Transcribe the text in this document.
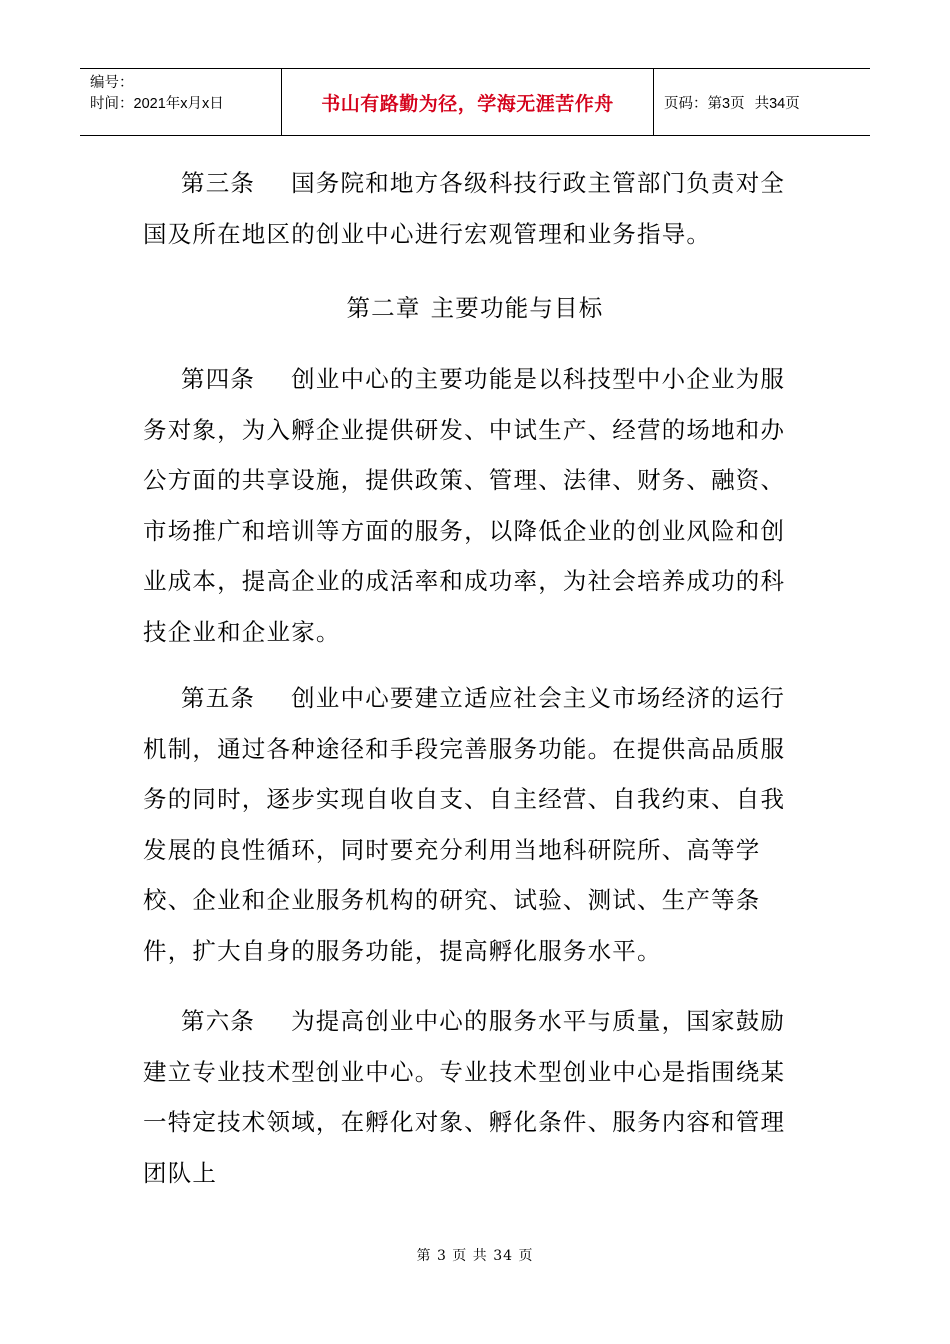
编号：
时间：2021年x月x日	书山有路勤为径，学海无涯苦作舟	页码：第3页 共34页
第三条 国务院和地方各级科技行政主管部门负责对全国及所在地区的创业中心进行宏观管理和业务指导。
第二章 主要功能与目标
第四条 创业中心的主要功能是以科技型中小企业为服务对象，为入孵企业提供研发、中试生产、经营的场地和办公方面的共享设施，提供政策、管理、法律、财务、融资、市场推广和培训等方面的服务，以降低企业的创业风险和创业成本，提高企业的成活率和成功率，为社会培养成功的科技企业和企业家。
第五条 创业中心要建立适应社会主义市场经济的运行机制，通过各种途径和手段完善服务功能。在提供高品质服务的同时，逐步实现自收自支、自主经营、自我约束、自我发展的良性循环，同时要充分利用当地科研院所、高等学校、企业和企业服务机构的研究、试验、测试、生产等条件，扩大自身的服务功能，提高孵化服务水平。
第六条 为提高创业中心的服务水平与质量，国家鼓励建立专业技术型创业中心。专业技术型创业中心是指围绕某一特定技术领域，在孵化对象、孵化条件、服务内容和管理团队上
第 3 页 共 34 页
